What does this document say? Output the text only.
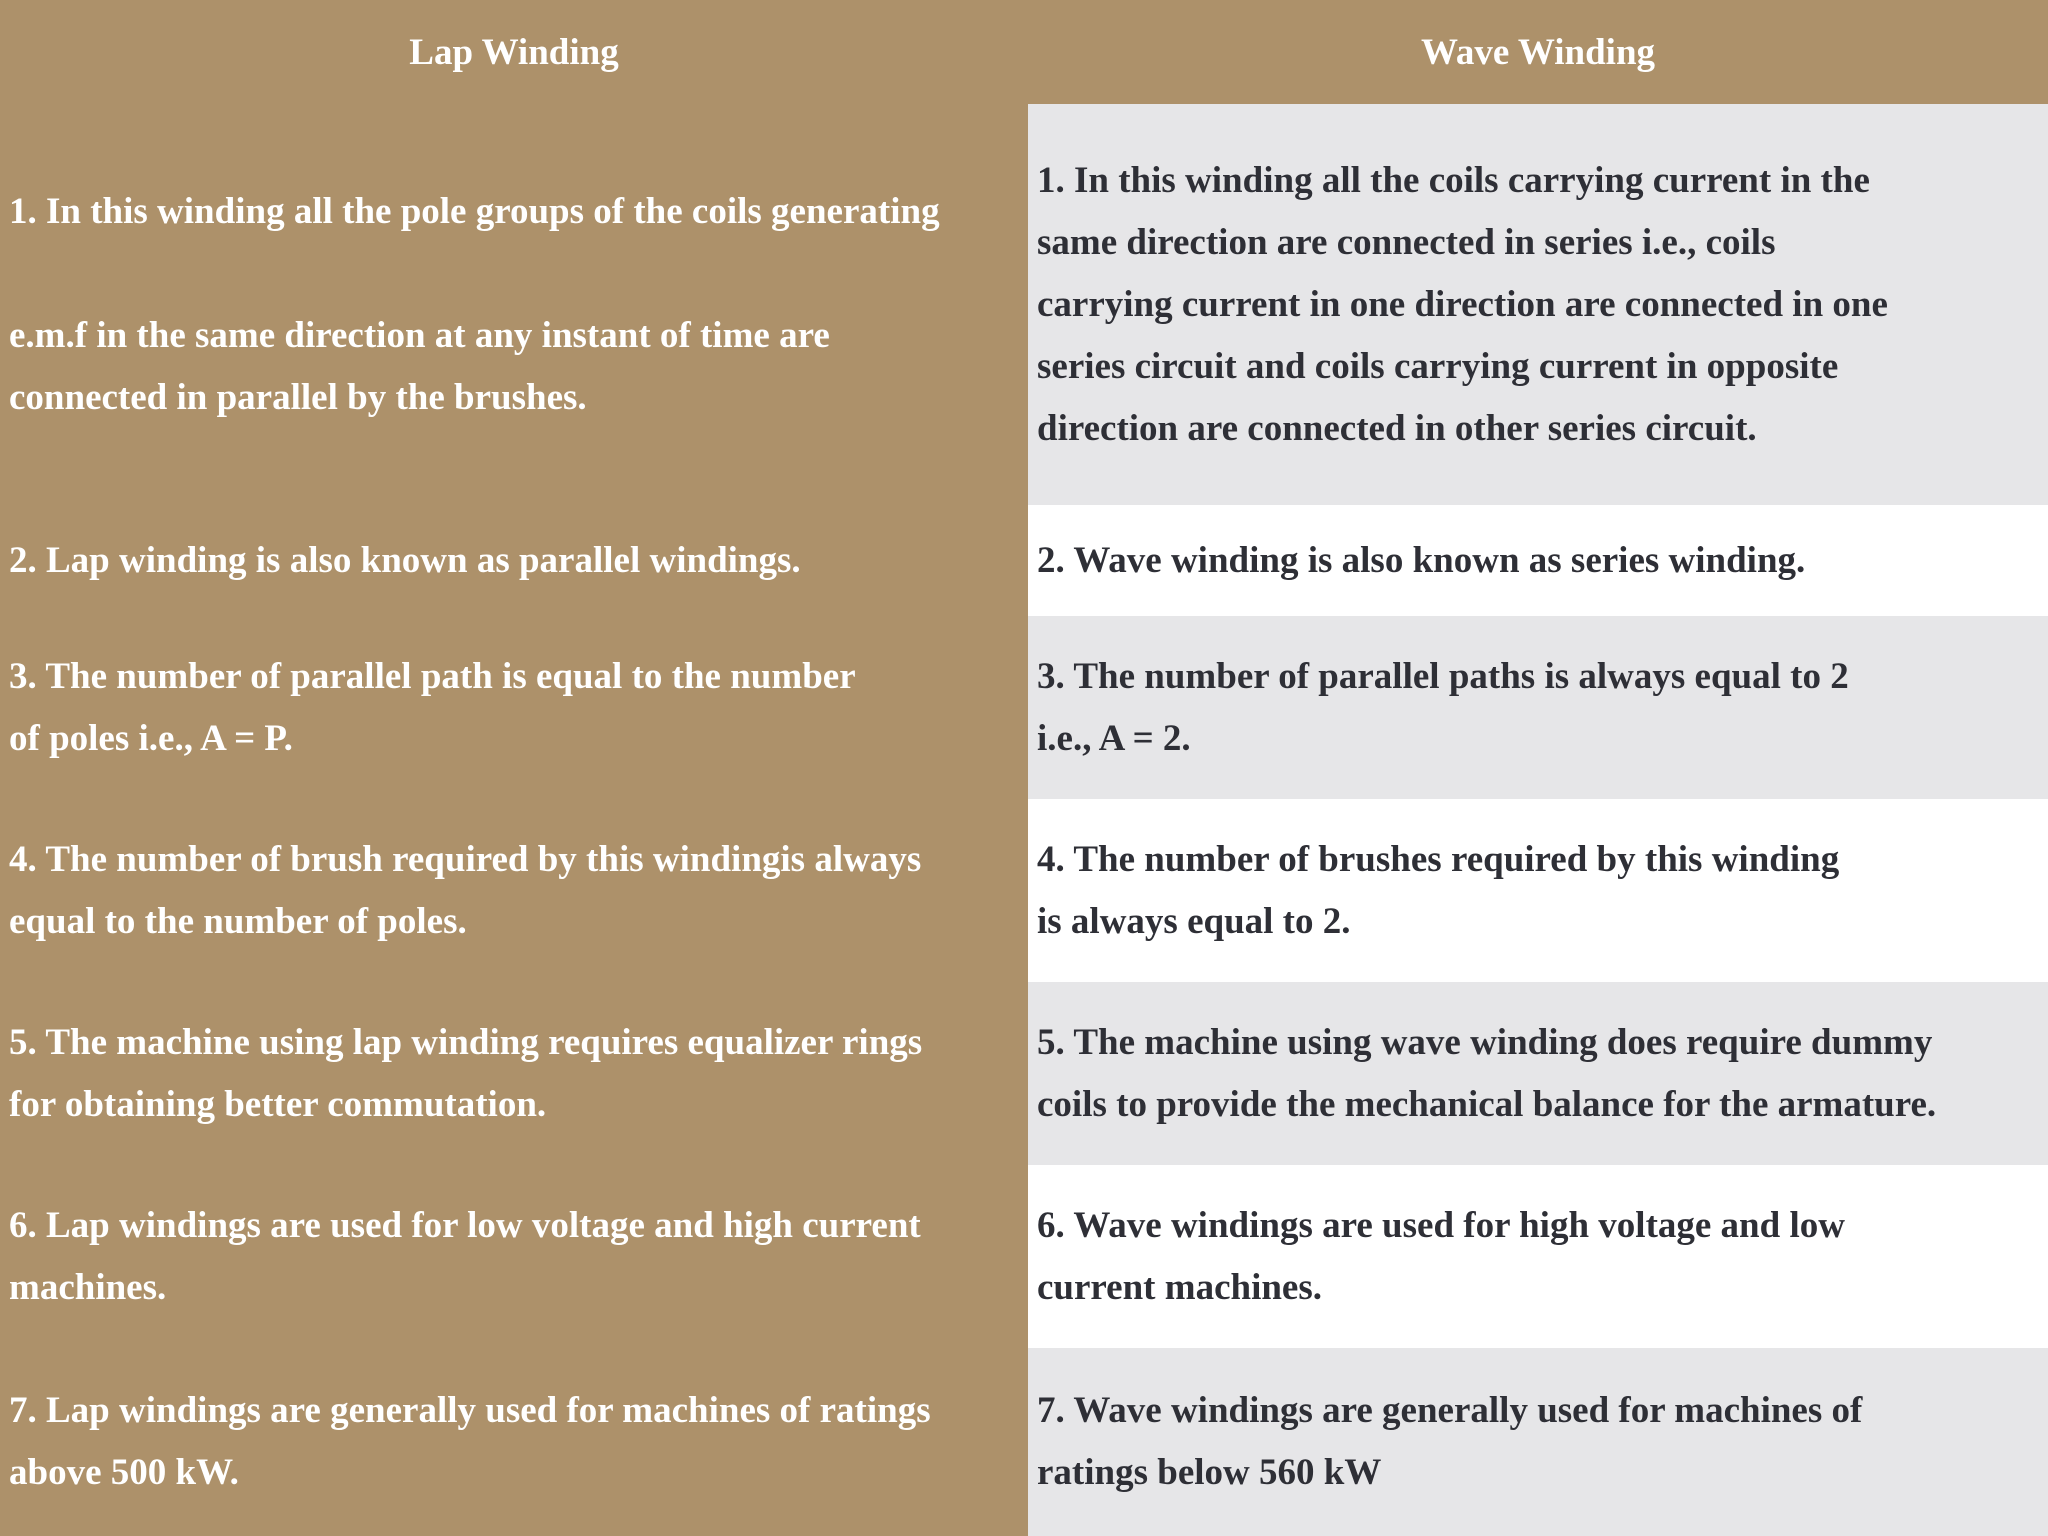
Lap Winding	Wave Winding
1. In this winding all the pole groups of the coils generating
e.m.f in the same direction at any instant of time are
connected in parallel by the brushes.
1. In this winding all the coils carrying current in the
same direction are connected in series i.e., coils
carrying current in one direction are connected in one
series circuit and coils carrying current in opposite
direction are connected in other series circuit.
2. Lap winding is also known as parallel windings.	2. Wave winding is also known as series winding.
3. The number of parallel path is equal to the number
of poles i.e., A = P.
3. The number of parallel paths is always equal to 2
i.e., A = 2.
4. The number of brush required by this windingis always
equal to the number of poles.
4. The number of brushes required by this winding
is always equal to 2.
5. The machine using lap winding requires equalizer rings
for obtaining better commutation.
5. The machine using wave winding does require dummy
coils to provide the mechanical balance for the armature.
6. Lap windings are used for low voltage and high current
machines.
6. Wave windings are used for high voltage and low
current machines.
7. Lap windings are generally used for machines of ratings
above 500 kW.
7. Wave windings are generally used for machines of
ratings below 560 kW
